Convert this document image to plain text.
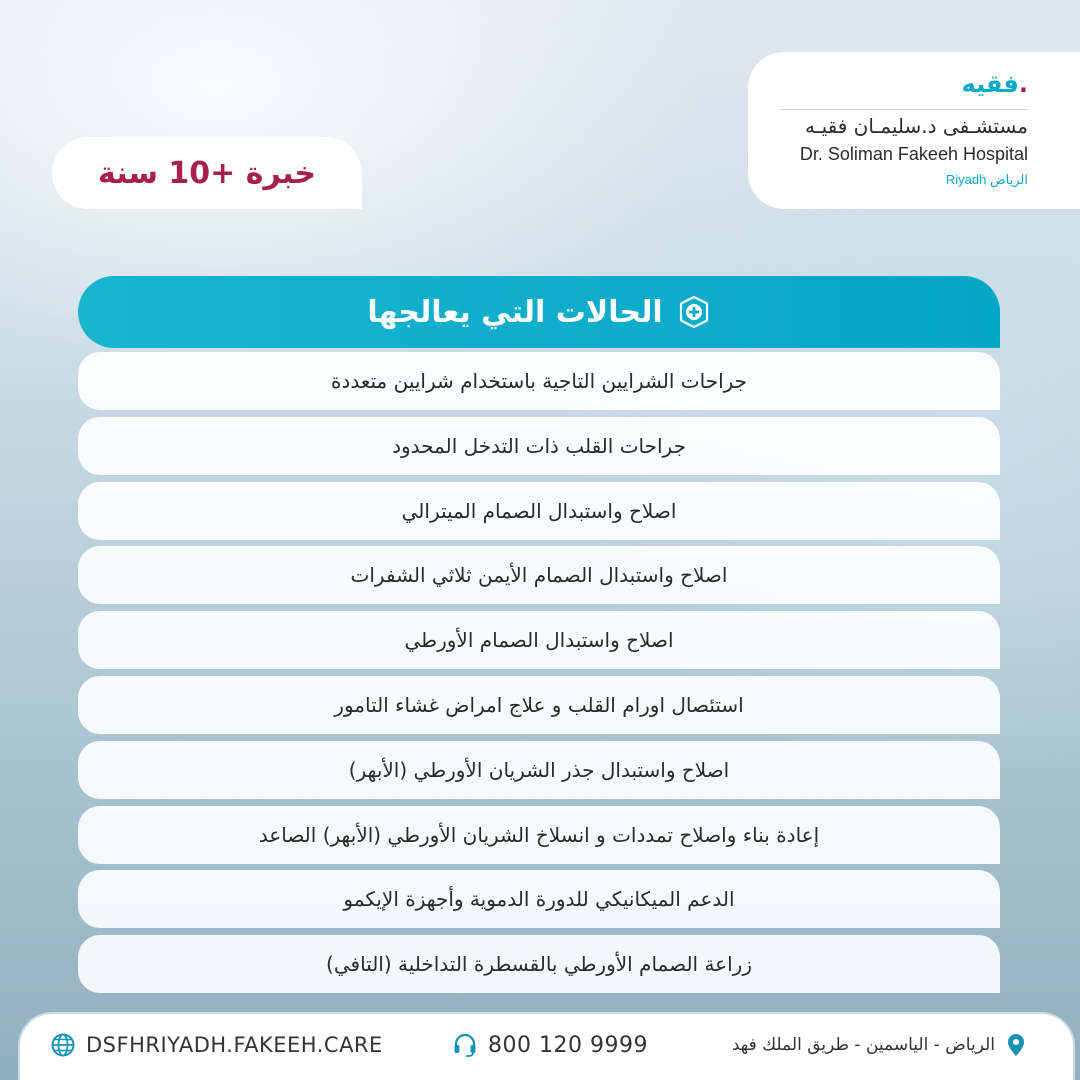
.فقيه
مستشـفى د.سليمـان فقيـه
Dr. Soliman Fakeeh Hospital
Riyadh الرياض
خبرة +10 سنة
الحالات التي يعالجها
جراحات الشرايين التاجية باستخدام شرايين متعددة
جراحات القلب ذات التدخل المحدود
اصلاح واستبدال الصمام الميترالي
اصلاح واستبدال الصمام الأيمن ثلاثي الشفرات
اصلاح واستبدال الصمام الأورطي
استئصال اورام القلب و علاج امراض غشاء التامور
اصلاح واستبدال جذر الشريان الأورطي (الأبهر)
إعادة بناء واصلاح تمددات و انسلاخ الشريان الأورطي (الأبهر) الصاعد
الدعم الميكانيكي للدورة الدموية وأجهزة الإيكمو
زراعة الصمام الأورطي بالقسطرة التداخلية (التافي)
DSFHRIYADH.FAKEEH.CARE	800 120 9999	الرياض - الياسمين - طريق الملك فهد
